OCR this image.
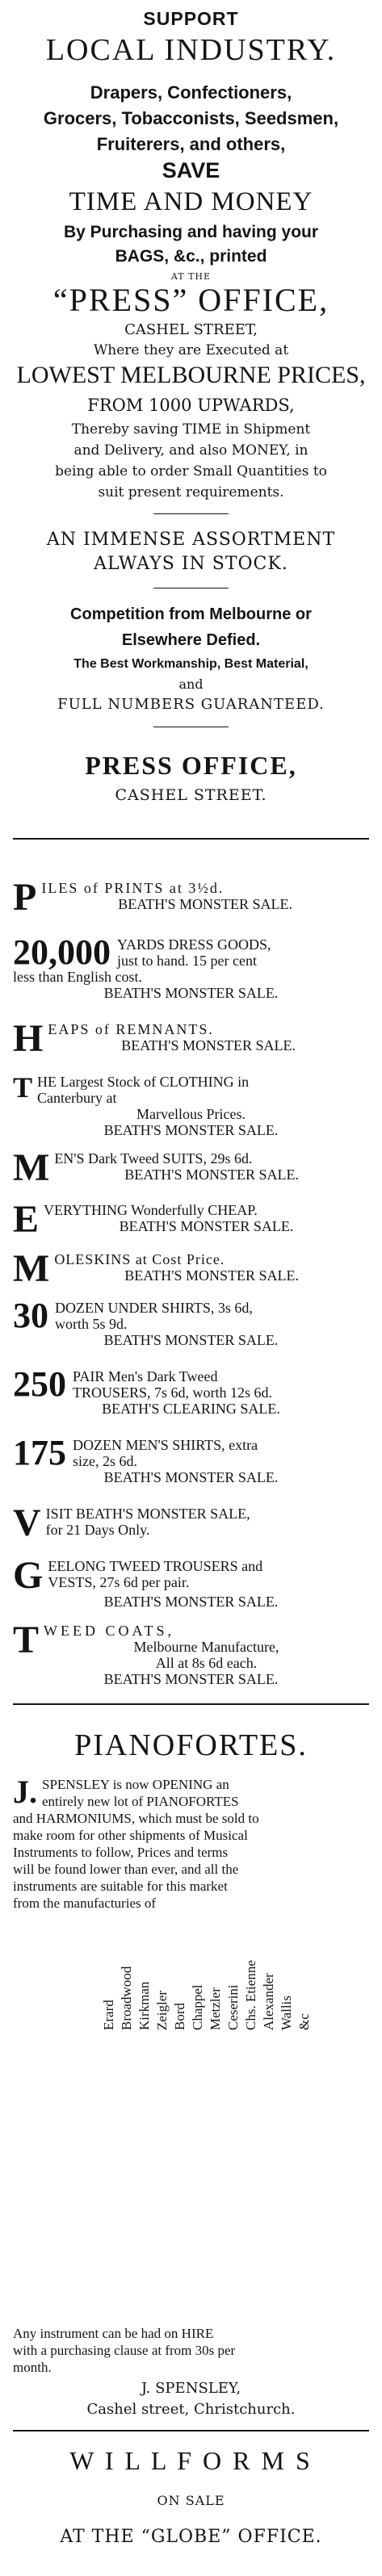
SUPPORT
LOCAL INDUSTRY.
Drapers, Confectioners,
Grocers, Tobacconists, Seedsmen,
Fruiterers, and others,
SAVE
TIME AND MONEY
By Purchasing and having your
BAGS, &c., printed
AT THE
“PRESS” OFFICE,
CASHEL STREET,
Where they are Executed at
LOWEST MELBOURNE PRICES,
FROM 1000 UPWARDS,
Thereby saving TIME in Shipment
and Delivery, and also MONEY, in
being able to order Small Quantities to
suit present requirements.
AN IMMENSE ASSORTMENT
ALWAYS IN STOCK.
Competition from Melbourne or
Elsewhere Defied.
The Best Workmanship, Best Material,
and
FULL NUMBERS GUARANTEED.
PRESS OFFICE,
CASHEL STREET.
P ILES of PRINTS at 3½d.

BEATH'S MONSTER SALE.

20,000 YARDS DRESS GOODS,

just to hand. 15 per cent

less than English cost.

BEATH'S MONSTER SALE.

H EAPS of REMNANTS.

BEATH'S MONSTER SALE.

T HE Largest Stock of CLOTHING in

Canterbury at

Marvellous Prices.

BEATH'S MONSTER SALE.

M EN'S Dark Tweed SUITS, 29s 6d.

BEATH'S MONSTER SALE.

E VERYTHING Wonderfully CHEAP.

BEATH'S MONSTER SALE.

M OLESKINS at Cost Price.

BEATH'S MONSTER SALE.

30 DOZEN UNDER SHIRTS, 3s 6d,

worth 5s 9d.

BEATH'S MONSTER SALE.

250 PAIR Men's Dark Tweed

TROUSERS, 7s 6d, worth 12s 6d.

BEATH'S CLEARING SALE.

175 DOZEN MEN'S SHIRTS, extra

size, 2s 6d.

BEATH'S MONSTER SALE.

V ISIT BEATH'S MONSTER SALE,

for 21 Days Only.

G EELONG TWEED TROUSERS and

VESTS, 27s 6d per pair.

BEATH'S MONSTER SALE.

T WEED COATS,

Melbourne Manufacture,

All at 8s 6d each.

BEATH'S MONSTER SALE.

PIANOFORTES.
J. SPENSLEY is now OPENING an

entirely new lot of PIANOFORTES

and HARMONIUMS, which must be sold to

make room for other shipments of Musical

Instruments to follow, Prices and terms

will be found lower than ever, and all the

instruments are suitable for this market

from the manufacturies of

Erard Broadwood Kirkman Zeigler Bord Chappel Metzler Ceserini Chs. Etienne Alexander Wallis &c

Any instrument can be had on HIRE

with a purchasing clause at from 30s per

month.

J. SPENSLEY,
Cashel street, Christchurch.
W I L L F O R M S
ON SALE
AT THE “GLOBE” OFFICE.
